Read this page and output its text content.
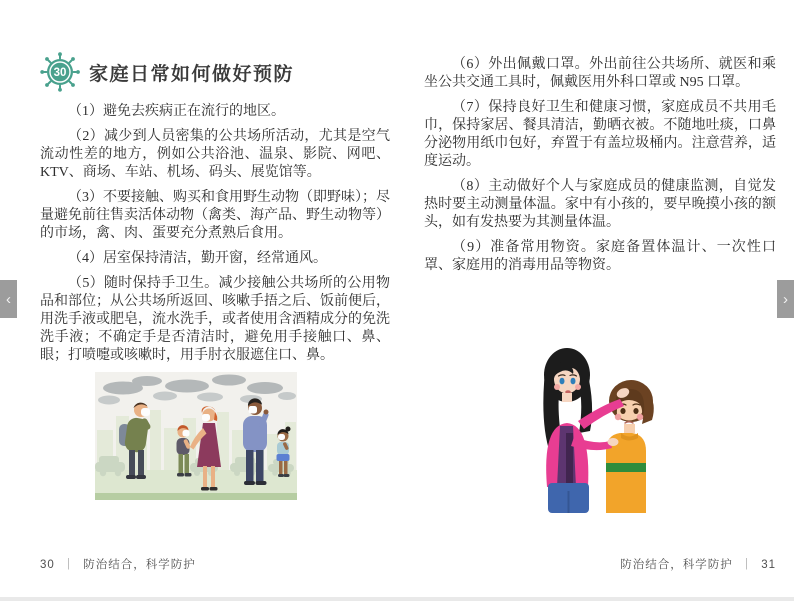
30 家庭日常如何做好预防

（1）避免去疾病正在流行的地区。

（2）减少到人员密集的公共场所活动，尤其是空气流动性差的地方，例如公共浴池、温泉、影院、网吧、KTV、商场、车站、机场、码头、展览馆等。

（3）不要接触、购买和食用野生动物（即野味）；尽量避免前往售卖活体动物（禽类、海产品、野生动物等）的市场，禽、肉、蛋要充分煮熟后食用。

（4）居室保持清洁，勤开窗，经常通风。

（5）随时保持手卫生。减少接触公共场所的公用物品和部位；从公共场所返回、咳嗽手捂之后、饭前便后，用洗手液或肥皂，流水洗手，或者使用含酒精成分的免洗洗手液；不确定手是否清洁时，避免用手接触口、鼻、眼；打喷嚏或咳嗽时，用手肘衣服遮住口、鼻。

（6）外出佩戴口罩。外出前往公共场所、就医和乘坐公共交通工具时，佩戴医用外科口罩或 N95 口罩。

（7）保持良好卫生和健康习惯，家庭成员不共用毛巾，保持家居、餐具清洁，勤晒衣被。不随地吐痰，口鼻分泌物用纸巾包好，弃置于有盖垃圾桶内。注意营养，适度运动。

（8）主动做好个人与家庭成员的健康监测，自觉发热时要主动测量体温。家中有小孩的，要早晚摸小孩的额头，如有发热要为其测量体温。

（9）准备常用物资。家庭备置体温计、一次性口罩、家庭用的消毒用品等物资。

30 ｜ 防治结合，科学防护	防治结合，科学防护 ｜ 31
‹	›
